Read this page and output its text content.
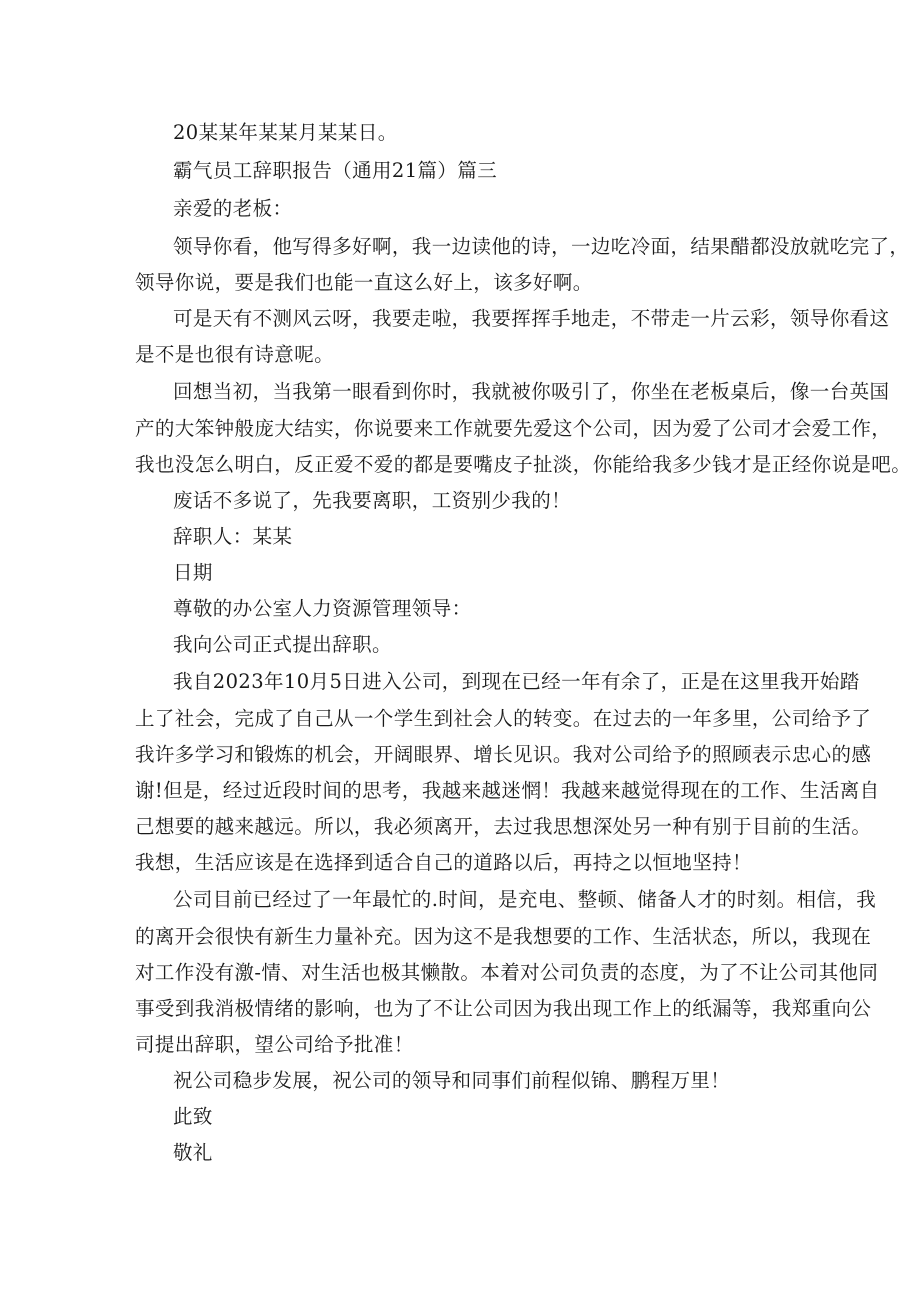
20某某年某某月某某日。
霸气员工辞职报告（通用21篇）篇三
亲爱的老板：
领导你看，他写得多好啊，我一边读他的诗，一边吃冷面，结果醋都没放就吃完了，
领导你说，要是我们也能一直这么好上，该多好啊。
可是天有不测风云呀，我要走啦，我要挥挥手地走，不带走一片云彩，领导你看这
是不是也很有诗意呢。
回想当初，当我第一眼看到你时，我就被你吸引了，你坐在老板桌后，像一台英国
产的大笨钟般庞大结实，你说要来工作就要先爱这个公司，因为爱了公司才会爱工作，
我也没怎么明白，反正爱不爱的都是要嘴皮子扯淡，你能给我多少钱才是正经你说是吧。
废话不多说了，先我要离职，工资别少我的！
辞职人：某某
日期
尊敬的办公室人力资源管理领导：
我向公司正式提出辞职。
我自2023年10月5日进入公司，到现在已经一年有余了，正是在这里我开始踏
上了社会，完成了自己从一个学生到社会人的转变。在过去的一年多里，公司给予了
我许多学习和锻炼的机会，开阔眼界、增长见识。我对公司给予的照顾表示忠心的感
谢!但是，经过近段时间的思考，我越来越迷惘！我越来越觉得现在的工作、生活离自
己想要的越来越远。所以，我必须离开，去过我思想深处另一种有别于目前的生活。
我想，生活应该是在选择到适合自己的道路以后，再持之以恒地坚持！
公司目前已经过了一年最忙的.时间，是充电、整顿、储备人才的时刻。相信，我
的离开会很快有新生力量补充。因为这不是我想要的工作、生活状态，所以，我现在
对工作没有激-情、对生活也极其懒散。本着对公司负责的态度，为了不让公司其他同
事受到我消极情绪的影响，也为了不让公司因为我出现工作上的纸漏等，我郑重向公
司提出辞职，望公司给予批准！
祝公司稳步发展，祝公司的领导和同事们前程似锦、鹏程万里！
此致
敬礼
